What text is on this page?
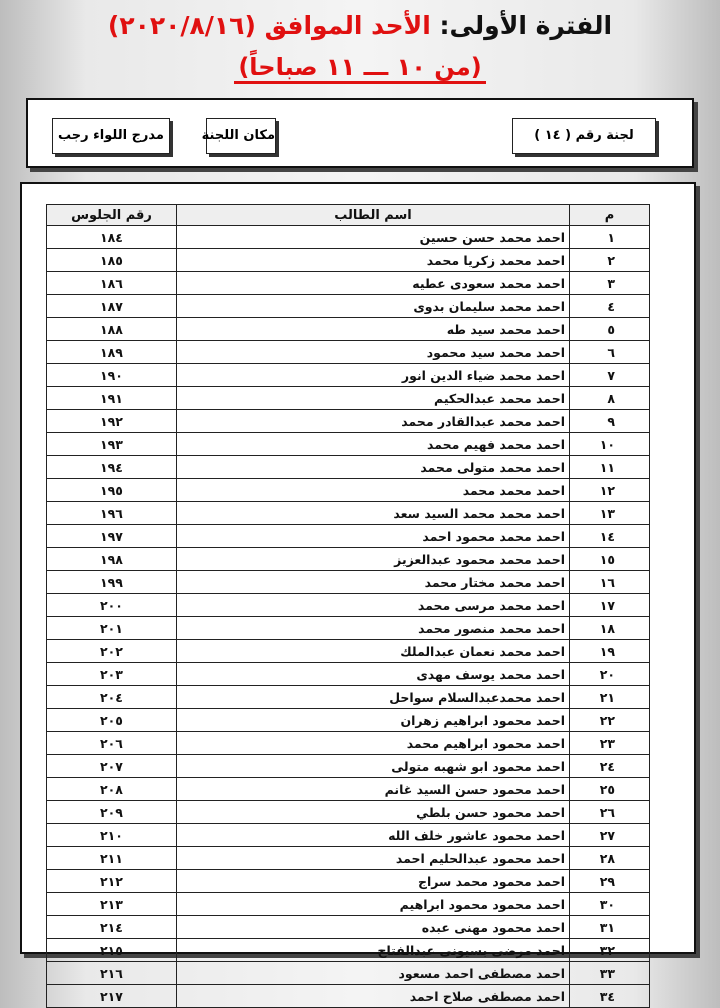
الفترة الأولى: الأحد الموافق (٢٠٢٠/٨/١٦)
(من ١٠ ـــ ١١ صباحاً)
لجنة رقم ( ١٤ )
مكان اللجنة
مدرج اللواء رجب
م	اسم الطالب	رقم الجلوس
١	احمد محمد حسن حسين	١٨٤
٢	احمد محمد زكريا محمد	١٨٥
٣	احمد محمد سعودى عطيه	١٨٦
٤	احمد محمد سليمان بدوى	١٨٧
٥	احمد محمد سيد طه	١٨٨
٦	احمد محمد سيد محمود	١٨٩
٧	احمد محمد ضياء الدين انور	١٩٠
٨	احمد محمد عبدالحكيم	١٩١
٩	احمد محمد عبدالقادر محمد	١٩٢
١٠	احمد محمد فهيم محمد	١٩٣
١١	احمد محمد متولى محمد	١٩٤
١٢	احمد محمد محمد	١٩٥
١٣	احمد محمد محمد السيد سعد	١٩٦
١٤	احمد محمد محمود احمد	١٩٧
١٥	احمد محمد محمود عبدالعزيز	١٩٨
١٦	احمد محمد مختار محمد	١٩٩
١٧	احمد محمد مرسى محمد	٢٠٠
١٨	احمد محمد منصور محمد	٢٠١
١٩	احمد محمد نعمان عبدالملك	٢٠٢
٢٠	احمد محمد يوسف مهدى	٢٠٣
٢١	احمد محمدعبدالسلام سواحل	٢٠٤
٢٢	احمد محمود ابراهيم زهران	٢٠٥
٢٣	احمد محمود ابراهيم محمد	٢٠٦
٢٤	احمد محمود ابو شهبه متولى	٢٠٧
٢٥	احمد محمود حسن السيد غانم	٢٠٨
٢٦	احمد محمود حسن بلطي	٢٠٩
٢٧	احمد محمود عاشور خلف الله	٢١٠
٢٨	احمد محمود عبدالحليم احمد	٢١١
٢٩	احمد محمود محمد سراج	٢١٢
٣٠	احمد محمود محمود ابراهيم	٢١٣
٣١	احمد محمود مهنى عبده	٢١٤
٣٢	احمد مرضى بسيونى عبدالفتاح	٢١٥
٣٣	احمد مصطفى احمد مسعود	٢١٦
٣٤	احمد مصطفى صلاح احمد	٢١٧
